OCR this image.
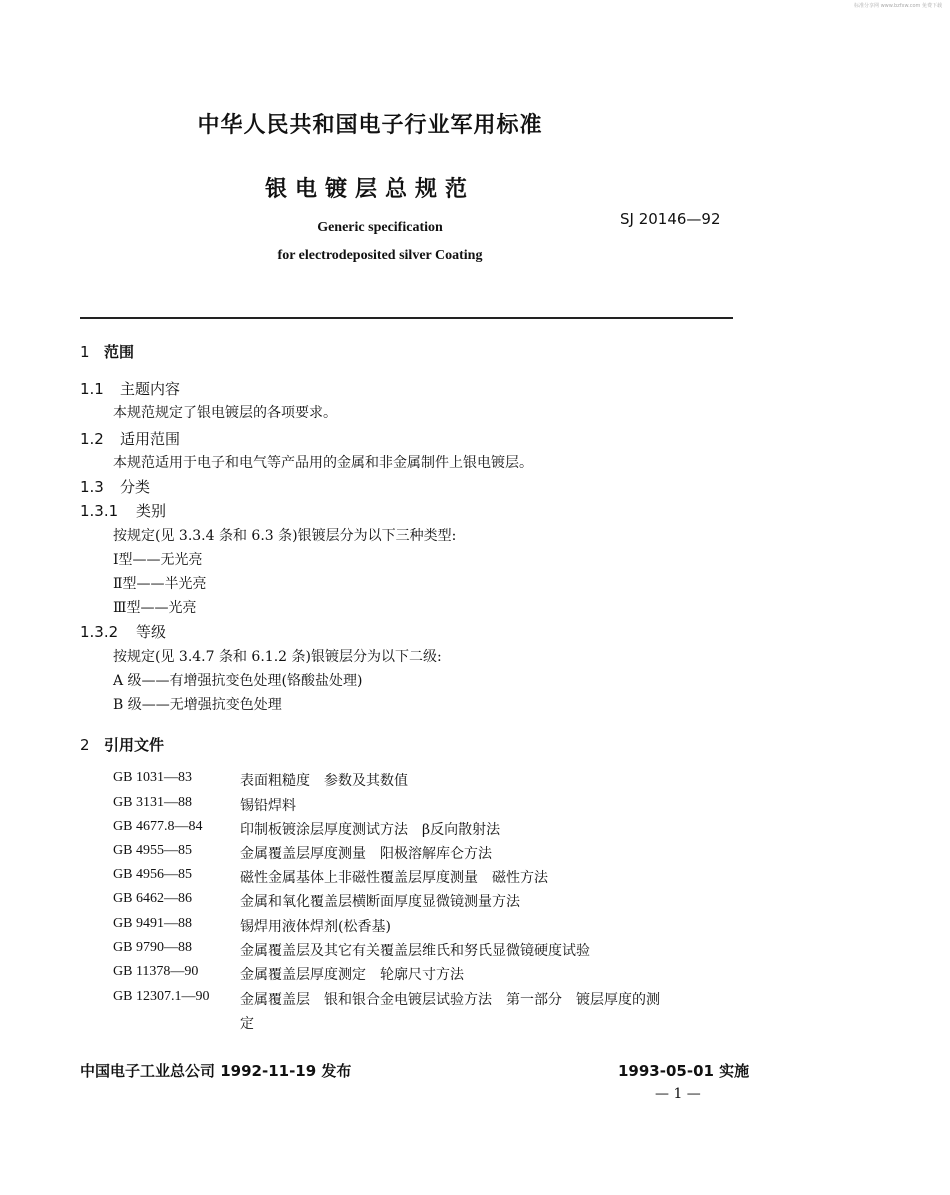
标准分享网 www.bzfxw.com 免费下载
中华人民共和国电子行业军用标准
银电镀层总规范
Generic specification
for electrodeposited silver Coating
SJ 20146—92
1 范围
1.1 主题内容
本规范规定了银电镀层的各项要求。
1.2 适用范围
本规范适用于电子和电气等产品用的金属和非金属制件上银电镀层。
1.3 分类
1.3.1 类别
按规定(见 3.3.4 条和 6.3 条)银镀层分为以下三种类型:
Ⅰ型——无光亮
Ⅱ型——半光亮
Ⅲ型——光亮
1.3.2 等级
按规定(见 3.4.7 条和 6.1.2 条)银镀层分为以下二级:
A 级——有增强抗变色处理(铬酸盐处理)
B 级——无增强抗变色处理
2 引用文件
GB 1031—83	表面粗糙度　参数及其数值
GB 3131—88	锡铅焊料
GB 4677.8—84	印制板镀涂层厚度测试方法　β反向散射法
GB 4955—85	金属覆盖层厚度测量　阳极溶解库仑方法
GB 4956—85	磁性金属基体上非磁性覆盖层厚度测量　磁性方法
GB 6462—86	金属和氧化覆盖层横断面厚度显微镜测量方法
GB 9491—88	锡焊用液体焊剂(松香基)
GB 9790—88	金属覆盖层及其它有关覆盖层维氏和努氏显微镜硬度试验
GB 11378—90	金属覆盖层厚度测定　轮廓尺寸方法
GB 12307.1—90 金属覆盖层　银和银合金电镀层试验方法　第一部分　镀层厚度的测
定
中国电子工业总公司 1992-11-19 发布	1993-05-01 实施
— 1 —
